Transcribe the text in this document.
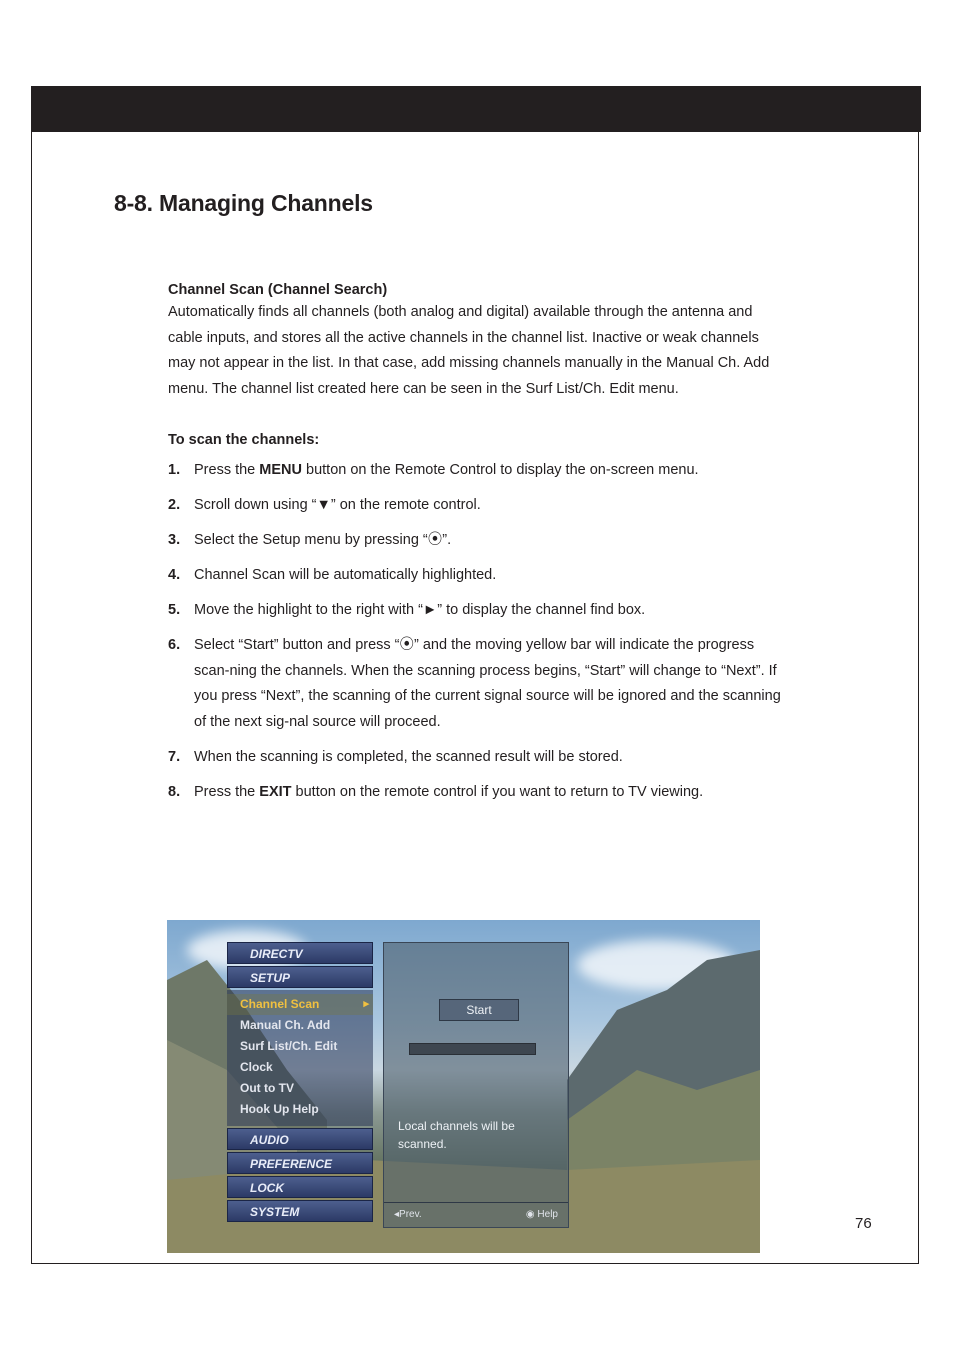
8-8. Managing Channels

Channel Scan (Channel Search)

Automatically finds all channels (both analog and digital) available through the antenna and cable inputs, and stores all the active channels in the channel list. Inactive or weak channels may not appear in the list. In that case, add missing channels manually in the Manual Ch. Add menu. The channel list created here can be seen in the Surf List/Ch. Edit menu.

To scan the channels:

1. Press the MENU button on the Remote Control to display the on-screen menu.
2. Scroll down using “▼” on the remote control.
3. Select the Setup menu by pressing “⦿”.
4. Channel Scan will be automatically highlighted.
5. Move the highlight to the right with “►” to display the channel find box.
6. Select “Start” button and press “⦿” and the moving yellow bar will indicate the progress scan-ning the channels. When the scanning process begins, “Start” will change to “Next”. If you press “Next”, the scanning of the current signal source will be ignored and the scanning of the next sig-nal source will proceed.
7. When the scanning is completed, the scanned result will be stored.
8. Press the EXIT button on the remote control if you want to return to TV viewing.
DIRECTV
SETUP
Channel Scan ▸
Manual Ch. Add
Surf List/Ch. Edit
Clock
Out to TV
Hook Up Help
AUDIO
PREFERENCE
LOCK
SYSTEM
Start
Local channels will be scanned.
◂Prev.	◉ Help
76
